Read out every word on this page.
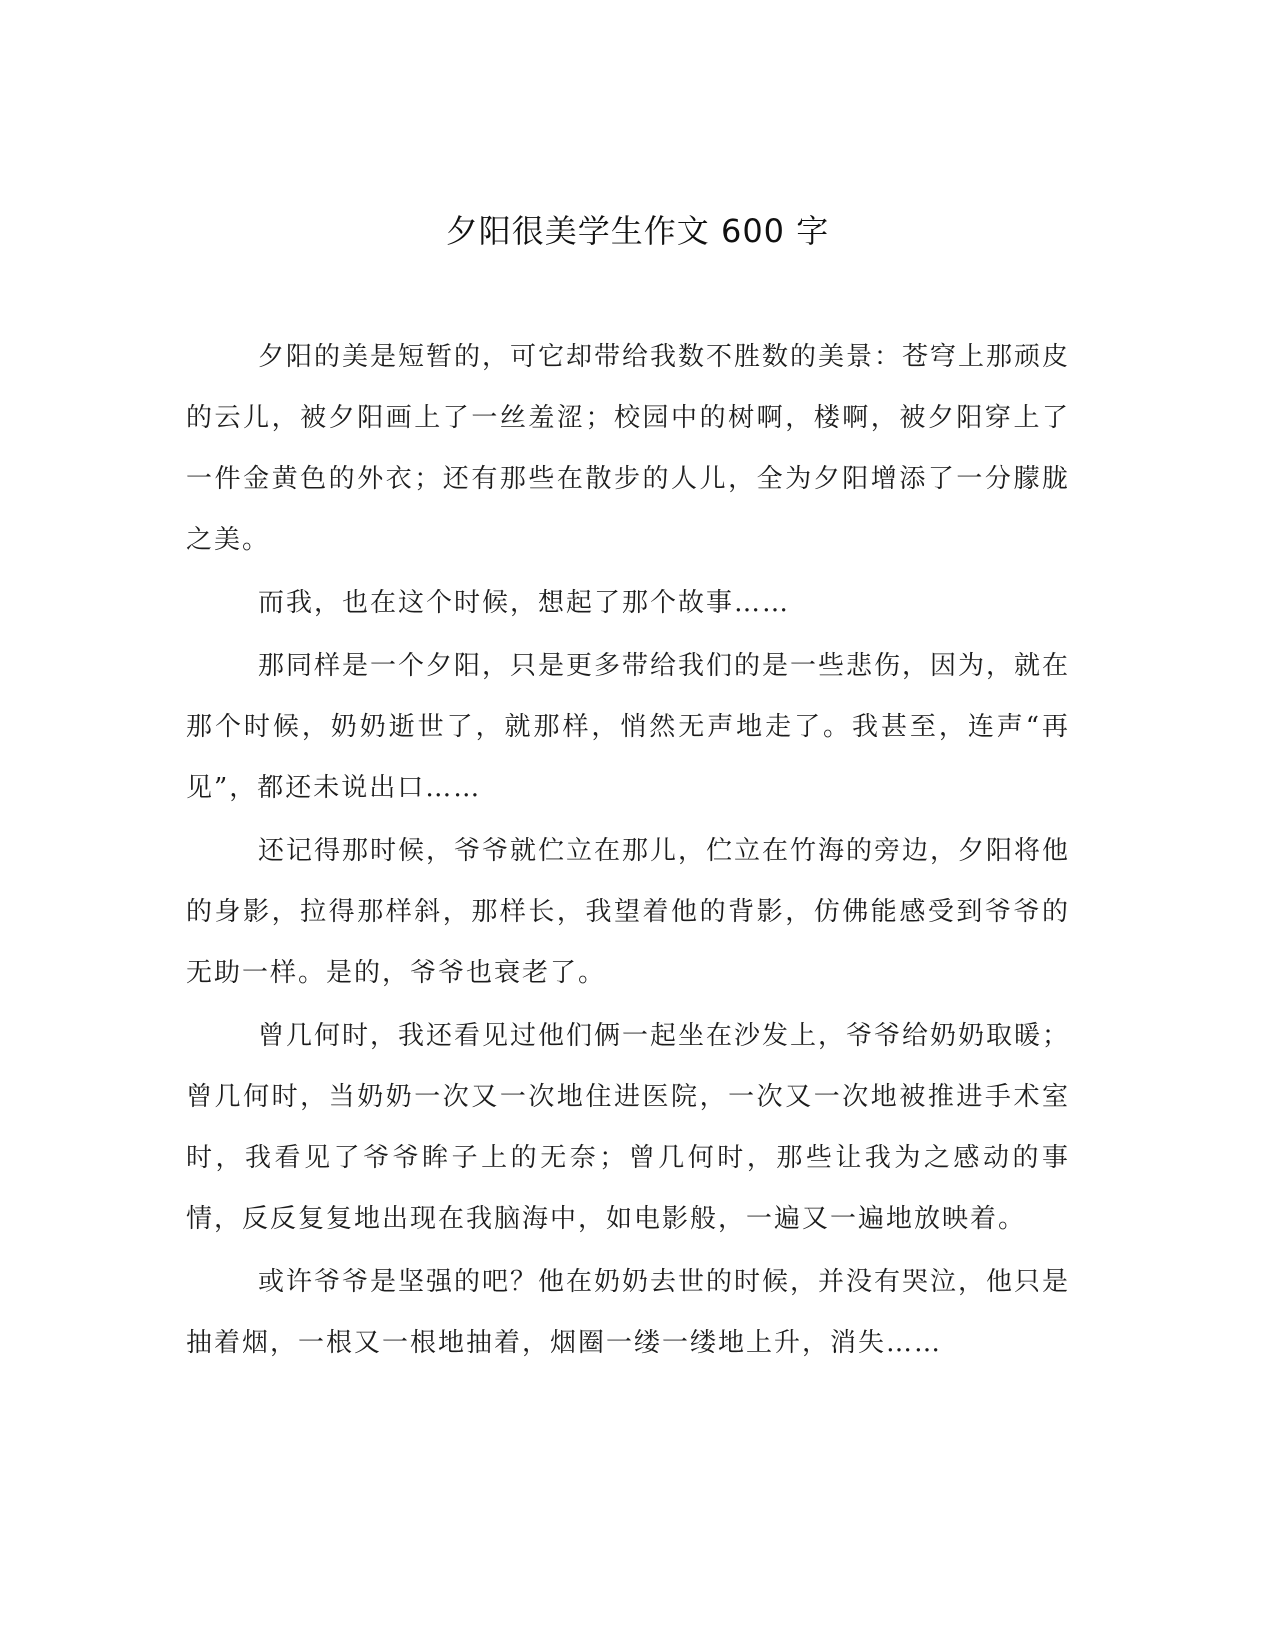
夕阳很美学生作文 600 字

夕阳的美是短暂的，可它却带给我数不胜数的美景：苍穹上那顽皮的云儿，被夕阳画上了一丝羞涩；校园中的树啊，楼啊，被夕阳穿上了一件金黄色的外衣；还有那些在散步的人儿，全为夕阳增添了一分朦胧之美。

而我，也在这个时候，想起了那个故事……

那同样是一个夕阳，只是更多带给我们的是一些悲伤，因为，就在那个时候，奶奶逝世了，就那样，悄然无声地走了。我甚至，连声“再见”，都还未说出口……

还记得那时候，爷爷就伫立在那儿，伫立在竹海的旁边，夕阳将他的身影，拉得那样斜，那样长，我望着他的背影，仿佛能感受到爷爷的无助一样。是的，爷爷也衰老了。

曾几何时，我还看见过他们俩一起坐在沙发上，爷爷给奶奶取暖；曾几何时，当奶奶一次又一次地住进医院，一次又一次地被推进手术室时，我看见了爷爷眸子上的无奈；曾几何时，那些让我为之感动的事情，反反复复地出现在我脑海中，如电影般，一遍又一遍地放映着。

或许爷爷是坚强的吧？他在奶奶去世的时候，并没有哭泣，他只是抽着烟，一根又一根地抽着，烟圈一缕一缕地上升，消失……
